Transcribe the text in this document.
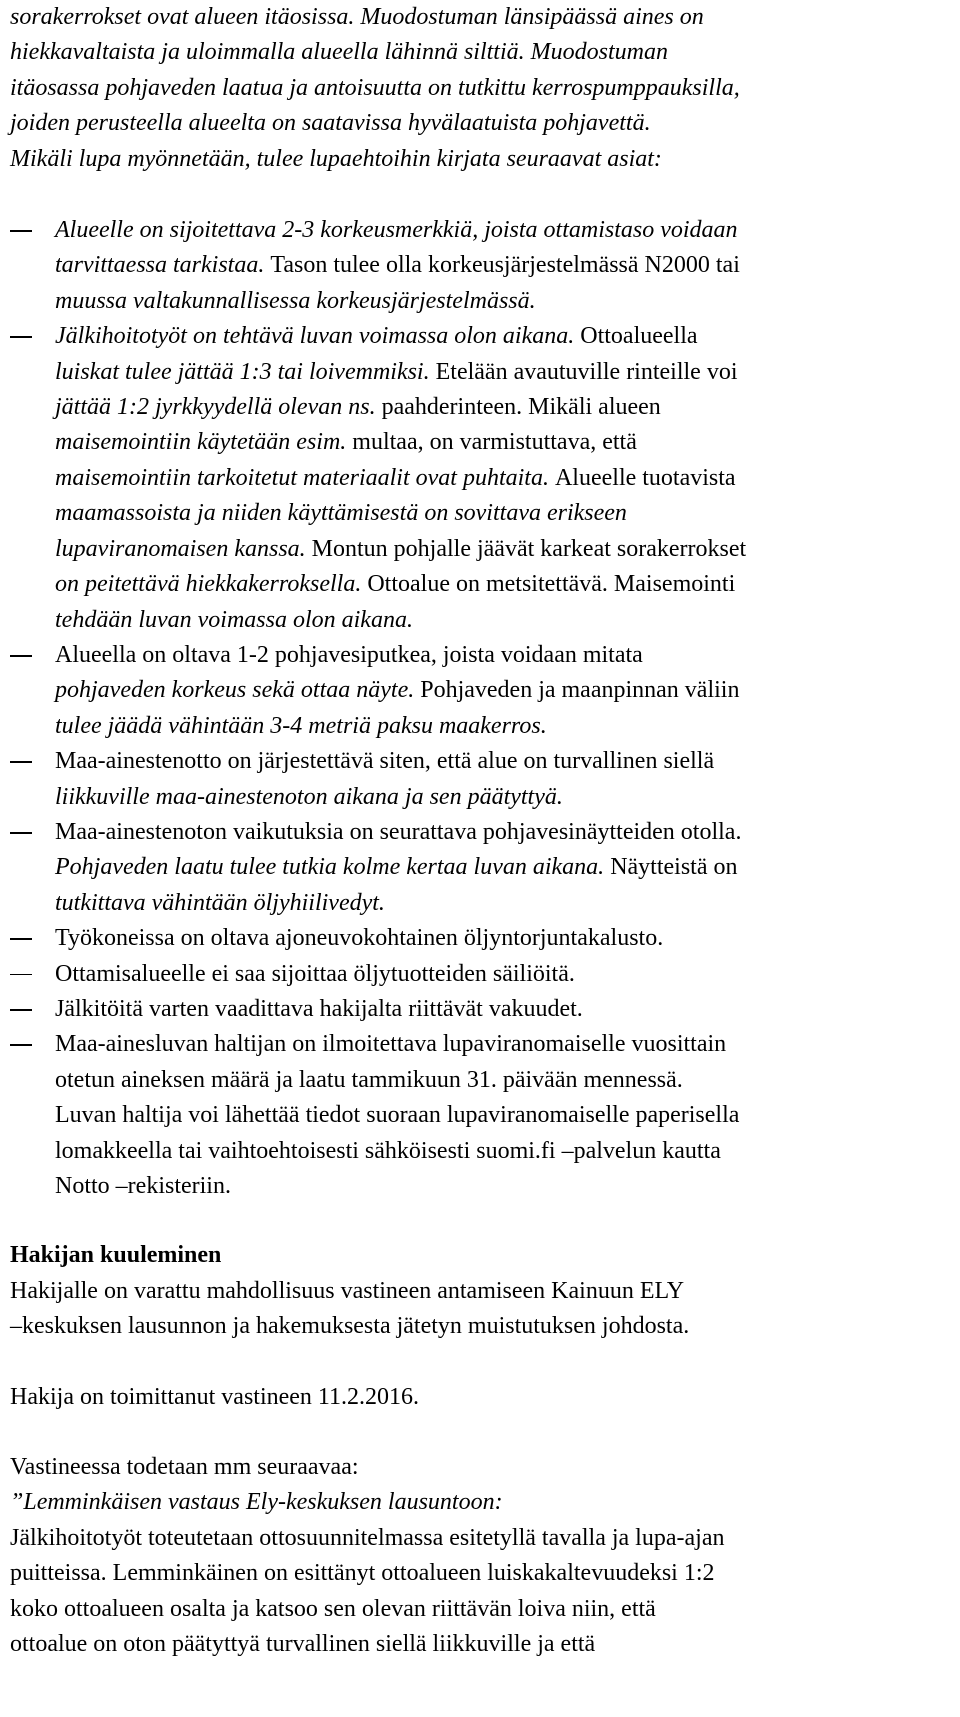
sorakerrokset ovat alueen itäosissa. Muodostuman länsipäässä aines on
hiekkavaltaista ja uloimmalla alueella lähinnä silttiä. Muodostuman
itäosassa pohjaveden laatua ja antoisuutta on tutkittu kerrospumppauksilla,
joiden perusteella alueelta on saatavissa hyvälaatuista pohjavettä.
Mikäli lupa myönnetään, tulee lupaehtoihin kirjata seuraavat asiat:
Alueelle on sijoitettava 2-3 korkeusmerkkiä, joista ottamistaso voidaan
tarvittaessa tarkistaa. Tason tulee olla korkeusjärjestelmässä N2000 tai
muussa valtakunnallisessa korkeusjärjestelmässä.
Jälkihoitotyöt on tehtävä luvan voimassa olon aikana. Ottoalueella
luiskat tulee jättää 1:3 tai loivemmiksi. Etelään avautuville rinteille voi
jättää 1:2 jyrkkyydellä olevan ns. paahderinteen. Mikäli alueen
maisemointiin käytetään esim. multaa, on varmistuttava, että
maisemointiin tarkoitetut materiaalit ovat puhtaita. Alueelle tuotavista
maamassoista ja niiden käyttämisestä on sovittava erikseen
lupaviranomaisen kanssa. Montun pohjalle jäävät karkeat sorakerrokset
on peitettävä hiekkakerroksella. Ottoalue on metsitettävä. Maisemointi
tehdään luvan voimassa olon aikana.
Alueella on oltava 1-2 pohjavesiputkea, joista voidaan mitata
pohjaveden korkeus sekä ottaa näyte. Pohjaveden ja maanpinnan väliin
tulee jäädä vähintään 3-4 metriä paksu maakerros.
Maa-ainestenotto on järjestettävä siten, että alue on turvallinen siellä
liikkuville maa-ainestenoton aikana ja sen päätyttyä.
Maa-ainestenoton vaikutuksia on seurattava pohjavesinäytteiden otolla.
Pohjaveden laatu tulee tutkia kolme kertaa luvan aikana. Näytteistä on
tutkittava vähintään öljyhiilivedyt.
Työkoneissa on oltava ajoneuvokohtainen öljyntorjuntakalusto.
Ottamisalueelle ei saa sijoittaa öljytuotteiden säiliöitä.
Jälkitöitä varten vaadittava hakijalta riittävät vakuudet.
Maa-ainesluvan haltijan on ilmoitettava lupaviranomaiselle vuosittain
otetun aineksen määrä ja laatu tammikuun 31. päivään mennessä.
Luvan haltija voi lähettää tiedot suoraan lupaviranomaiselle paperisella
lomakkeella tai vaihtoehtoisesti sähköisesti suomi.fi –palvelun kautta
Notto –rekisteriin.
Hakijan kuuleminen
Hakijalle on varattu mahdollisuus vastineen antamiseen Kainuun ELY
–keskuksen lausunnon ja hakemuksesta jätetyn muistutuksen johdosta.
Hakija on toimittanut vastineen 11.2.2016.
Vastineessa todetaan mm seuraavaa:
”Lemminkäisen vastaus Ely-keskuksen lausuntoon:
Jälkihoitotyöt toteutetaan ottosuunnitelmassa esitetyllä tavalla ja lupa-ajan
puitteissa. Lemminkäinen on esittänyt ottoalueen luiskakaltevuudeksi 1:2
koko ottoalueen osalta ja katsoo sen olevan riittävän loiva niin, että
ottoalue on oton päätyttyä turvallinen siellä liikkuville ja että
